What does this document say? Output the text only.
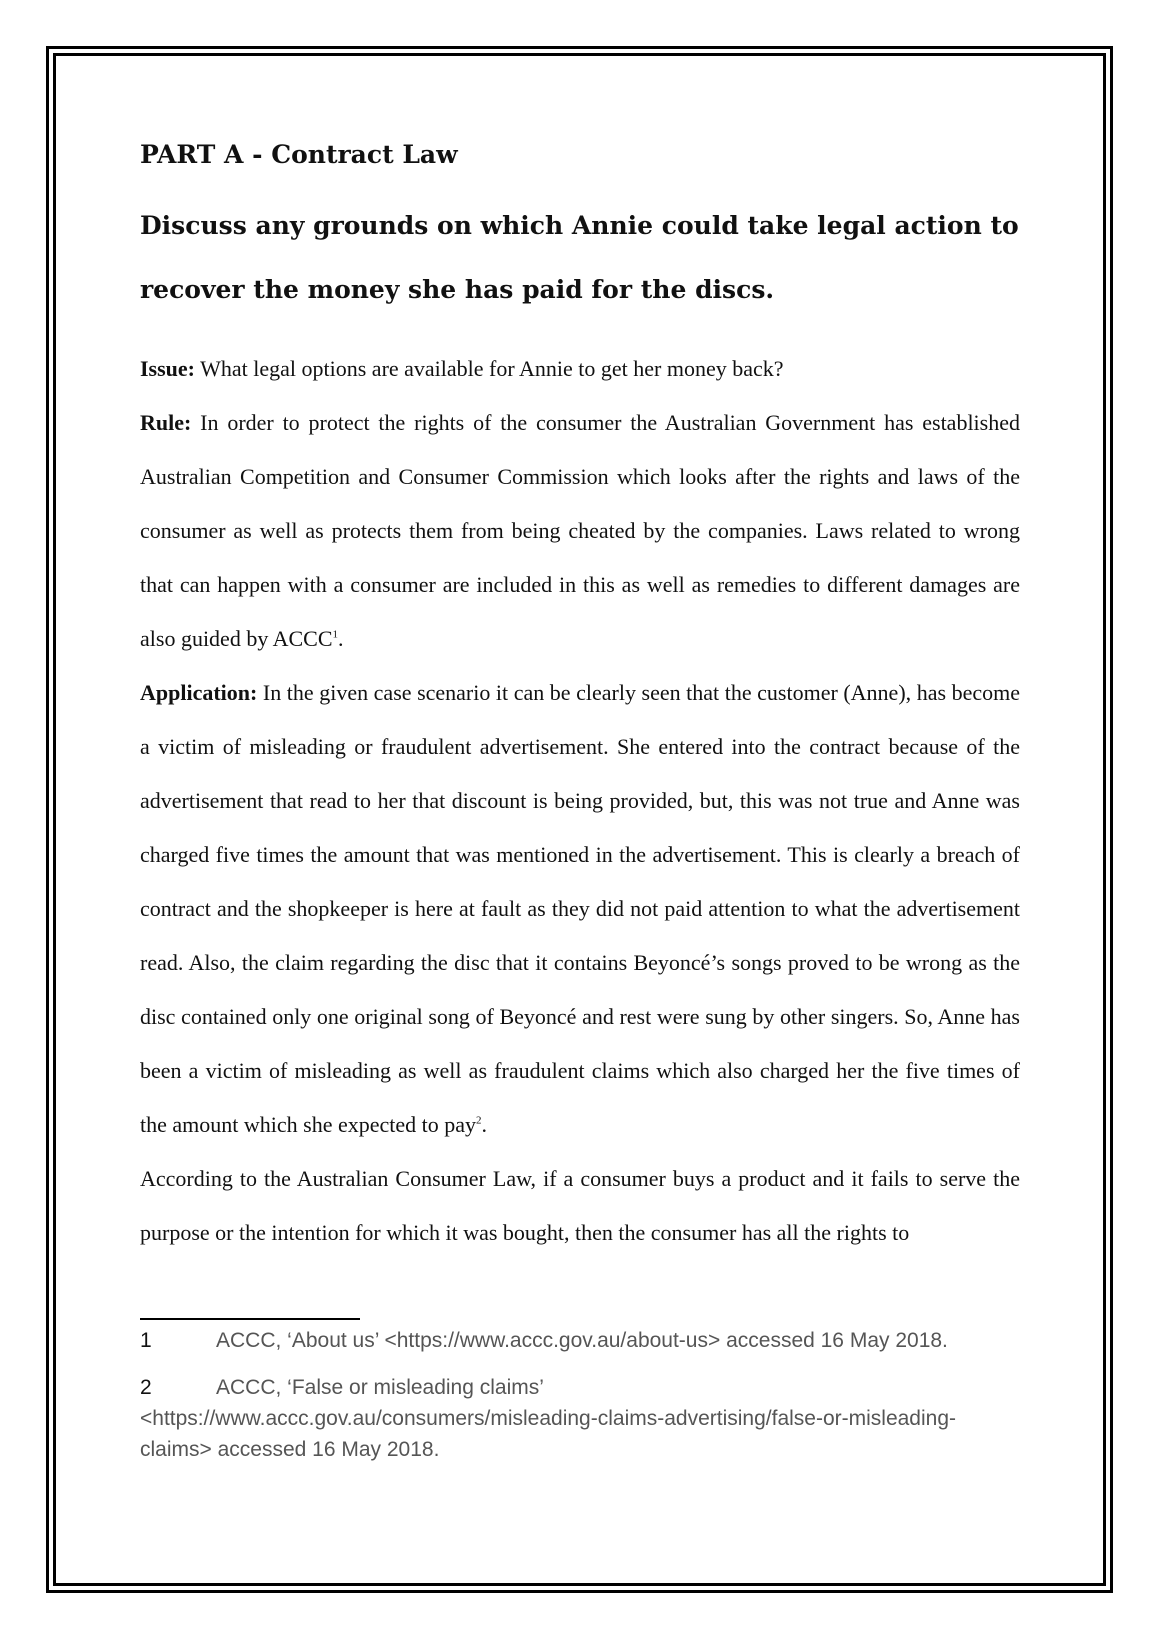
PART A - Contract Law
Discuss any grounds on which Annie could take legal action to recover the money she has paid for the discs.

Issue: What legal options are available for Annie to get her money back?

Rule: In order to protect the rights of the consumer the Australian Government has established Australian Competition and Consumer Commission which looks after the rights and laws of the consumer as well as protects them from being cheated by the companies. Laws related to wrong that can happen with a consumer are included in this as well as remedies to different damages are also guided by ACCC$^1$.

Application: In the given case scenario it can be clearly seen that the customer (Anne), has become a victim of misleading or fraudulent advertisement. She entered into the contract because of the advertisement that read to her that discount is being provided, but, this was not true and Anne was charged five times the amount that was mentioned in the advertisement. This is clearly a breach of contract and the shopkeeper is here at fault as they did not paid attention to what the advertisement read. Also, the claim regarding the disc that it contains Beyoncé’s songs proved to be wrong as the disc contained only one original song of Beyoncé and rest were sung by other singers. So, Anne has been a victim of misleading as well as fraudulent claims which also charged her the five times of the amount which she expected to pay$^2$.

According to the Australian Consumer Law, if a consumer buys a product and it fails to serve the purpose or the intention for which it was bought, then the consumer has all the rights to

1	ACCC, ‘About us’ <https://www.accc.gov.au/about-us> accessed 16 May 2018.

2	ACCC, ‘False or misleading claims’ <https://www.accc.gov.au/consumers/misleading-claims-advertising/false-or-misleading-claims> accessed 16 May 2018.
